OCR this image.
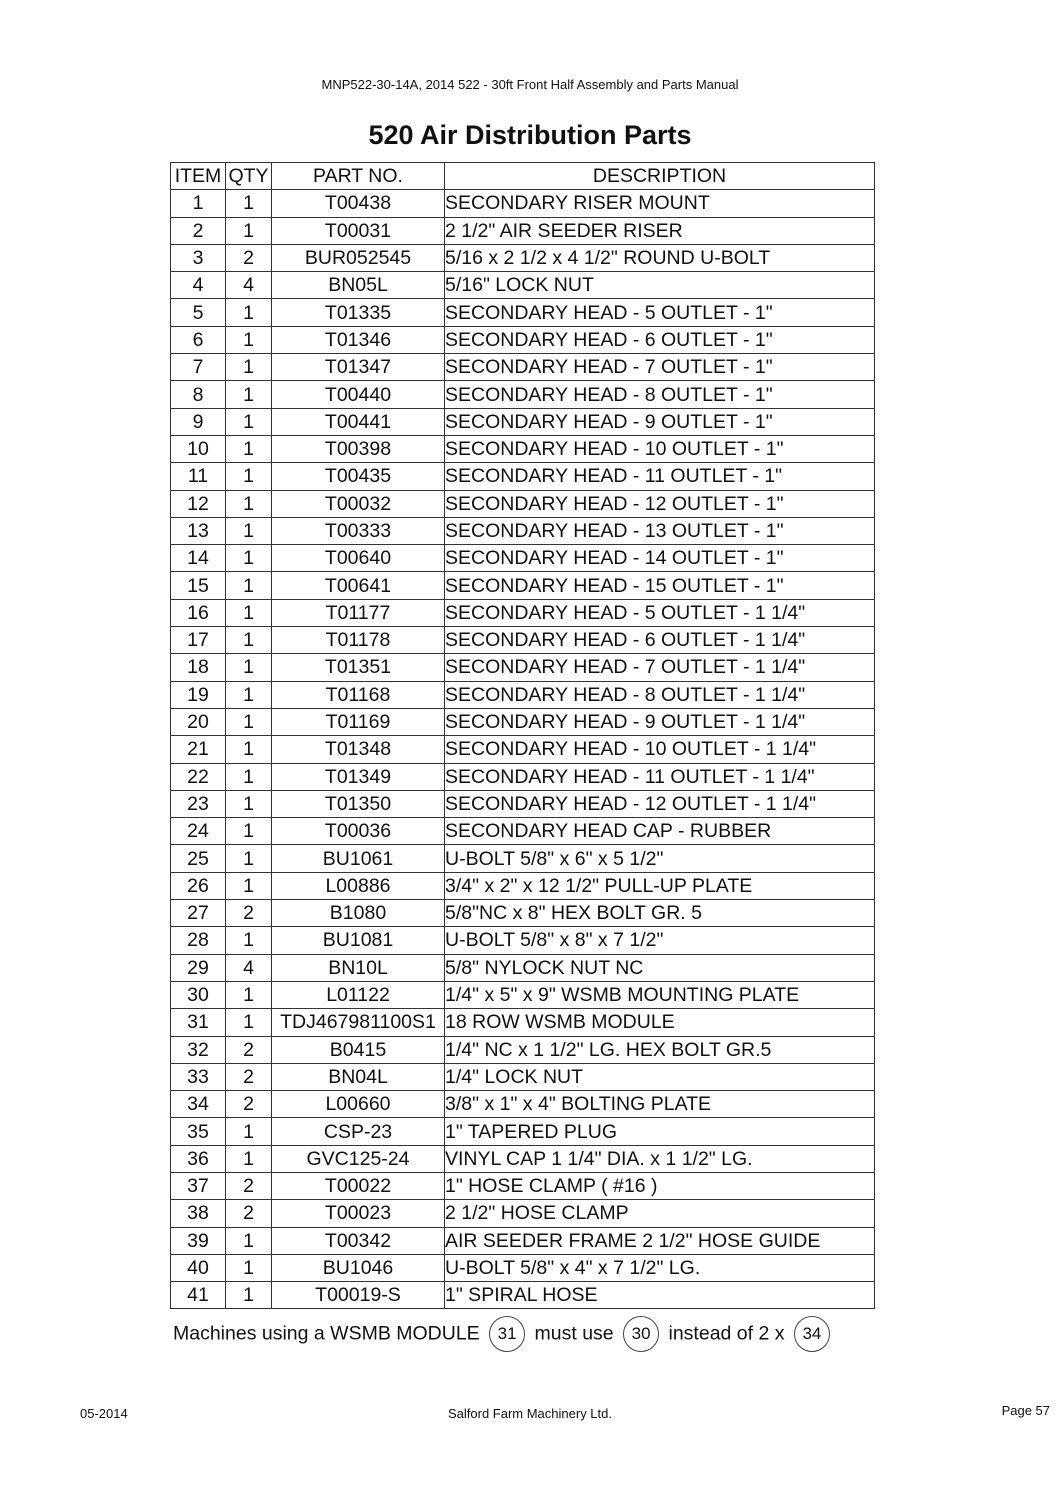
MNP522-30-14A, 2014 522 - 30ft Front Half Assembly and Parts Manual
520 Air Distribution Parts
ITEM	QTY	PART NO.	DESCRIPTION
1	1	T00438	SECONDARY RISER MOUNT
2	1	T00031	2 1/2" AIR SEEDER RISER
3	2	BUR052545	5/16 x 2 1/2 x 4 1/2" ROUND U-BOLT
4	4	BN05L	5/16" LOCK NUT
5	1	T01335	SECONDARY HEAD - 5 OUTLET - 1"
6	1	T01346	SECONDARY HEAD - 6 OUTLET - 1"
7	1	T01347	SECONDARY HEAD - 7 OUTLET - 1"
8	1	T00440	SECONDARY HEAD - 8 OUTLET - 1"
9	1	T00441	SECONDARY HEAD - 9 OUTLET - 1"
10	1	T00398	SECONDARY HEAD - 10 OUTLET - 1"
11	1	T00435	SECONDARY HEAD - 11 OUTLET - 1"
12	1	T00032	SECONDARY HEAD - 12 OUTLET - 1"
13	1	T00333	SECONDARY HEAD - 13 OUTLET - 1"
14	1	T00640	SECONDARY HEAD - 14 OUTLET - 1"
15	1	T00641	SECONDARY HEAD - 15 OUTLET - 1"
16	1	T01177	SECONDARY HEAD - 5 OUTLET - 1 1/4"
17	1	T01178	SECONDARY HEAD - 6 OUTLET - 1 1/4"
18	1	T01351	SECONDARY HEAD - 7 OUTLET - 1 1/4"
19	1	T01168	SECONDARY HEAD - 8 OUTLET - 1 1/4"
20	1	T01169	SECONDARY HEAD - 9 OUTLET - 1 1/4"
21	1	T01348	SECONDARY HEAD - 10 OUTLET - 1 1/4"
22	1	T01349	SECONDARY HEAD - 11 OUTLET - 1 1/4"
23	1	T01350	SECONDARY HEAD - 12 OUTLET - 1 1/4"
24	1	T00036	SECONDARY HEAD CAP - RUBBER
25	1	BU1061	U-BOLT 5/8" x 6" x 5 1/2"
26	1	L00886	3/4" x 2" x 12 1/2" PULL-UP PLATE
27	2	B1080	5/8"NC x 8" HEX BOLT GR. 5
28	1	BU1081	U-BOLT 5/8" x 8" x 7 1/2"
29	4	BN10L	5/8" NYLOCK NUT NC
30	1	L01122	1/4" x 5" x 9" WSMB MOUNTING PLATE
31	1	TDJ467981100S1	18 ROW WSMB MODULE
32	2	B0415	1/4" NC x 1 1/2" LG. HEX BOLT GR.5
33	2	BN04L	1/4" LOCK NUT
34	2	L00660	3/8" x 1" x 4" BOLTING PLATE
35	1	CSP-23	1" TAPERED PLUG
36	1	GVC125-24	VINYL CAP 1 1/4" DIA. x 1 1/2" LG.
37	2	T00022	1" HOSE CLAMP ( #16 )
38	2	T00023	2 1/2" HOSE CLAMP
39	1	T00342	AIR SEEDER FRAME 2 1/2" HOSE GUIDE
40	1	BU1046	U-BOLT 5/8" x 4" x 7 1/2" LG.
41	1	T00019-S	1" SPIRAL HOSE
Machines using a WSMB MODULE 31 must use 30 instead of 2 x 34
05-2014	Salford Farm Machinery Ltd.	Page 57
